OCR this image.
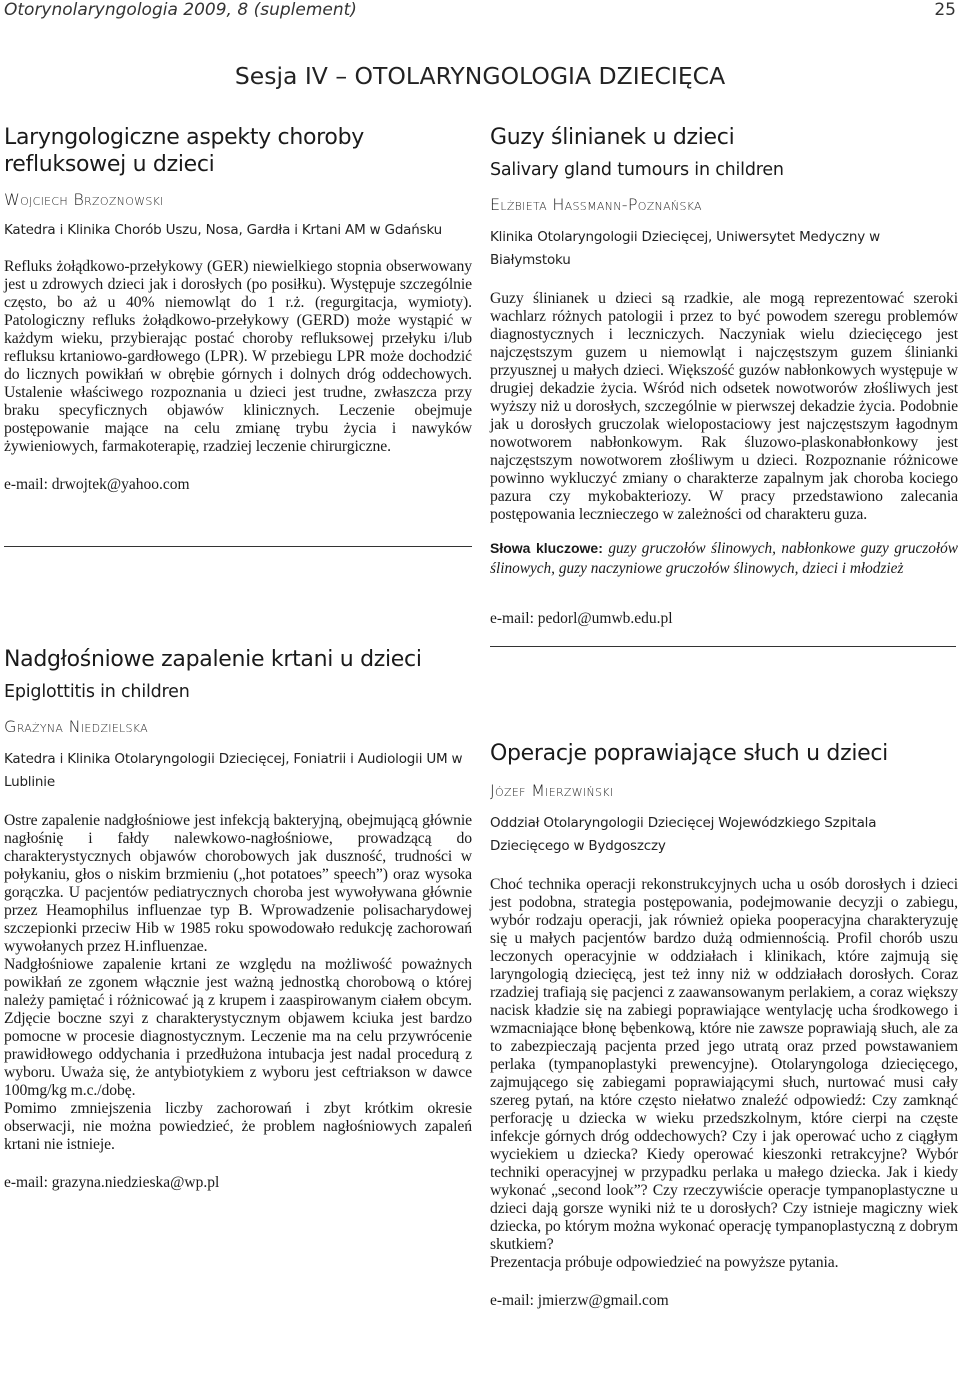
Otorynolaryngologia 2009, 8 (suplement)	25
Sesja IV – OTOLARYNGOLOGIA DZIECIĘCA
Laryngologiczne aspekty choroby refluksowej u dzieci
Wojciech Brzoznowski
Katedra i Klinika Chorób Uszu, Nosa, Gardła i Krtani AM w Gdańsku

Refluks żołądkowo-przełykowy (GER) niewielkiego stopnia obserwowany jest u zdrowych dzieci jak i dorosłych (po posiłku). Występuje szczególnie często, bo aż u 40% niemowląt do 1 r.ż. (regurgitacja, wymioty). Patologiczny refluks żołądkowo-przełykowy (GERD) może wystąpić w każdym wieku, przybierając postać choroby refluksowej przełyku i/lub refluksu krtaniowo-gardłowego (LPR). W przebiegu LPR może dochodzić do licznych powikłań w obrębie górnych i dolnych dróg oddechowych. Ustalenie właściwego rozpoznania u dzieci jest trudne, zwłaszcza przy braku specyficznych objawów klinicznych. Leczenie obejmuje postępowanie mające na celu zmianę trybu życia i nawyków żywieniowych, farmakoterapię, rzadziej leczenie chirurgiczne.

e-mail: drwojtek@yahoo.com
Guzy ślinianek u dzieci
Salivary gland tumours in children
Elżbieta Hassmann-Poznańska
Klinika Otolaryngologii Dziecięcej, Uniwersytet Medyczny w Białymstoku

Guzy ślinianek u dzieci są rzadkie, ale mogą reprezentować szeroki wachlarz różnych patologii i przez to być powodem szeregu problemów diagnostycznych i leczniczych. Naczyniak wielu dziecięcego jest najczęstszym guzem u niemowląt i najczęstszym guzem ślinianki przyusznej u małych dzieci. Większość guzów nabłonkowych występuje w drugiej dekadzie życia. Wśród nich odsetek nowotworów złośliwych jest wyższy niż u dorosłych, szczególnie w pierwszej dekadzie życia. Podobnie jak u dorosłych gruczolak wielopostaciowy jest najczęstszym łagodnym nowotworem nabłonkowym. Rak śluzowo-plaskonabłonkowy jest najczęstszym nowotworem złośliwym u dzieci. Rozpoznanie różnicowe powinno wykluczyć zmiany o charakterze zapalnym jak choroba kociego pazura czy mykobakteriozy. W pracy przedstawiono zalecania postępowania lecznieczego w zależności od charakteru guza.

Słowa kluczowe: guzy gruczołów ślinowych, nabłonkowe guzy gruczołów ślinowych, guzy naczyniowe gruczołów ślinowych, dzieci i młodzież
e-mail: pedorl@umwb.edu.pl
Nadgłośniowe zapalenie krtani u dzieci
Epiglottitis in children
Grażyna Niedzielska
Katedra i Klinika Otolaryngologii Dziecięcej, Foniatrii i Audiologii UM w Lublinie

Ostre zapalenie nadgłośniowe jest infekcją bakteryjną, obejmującą głównie nagłośnię i fałdy nalewkowo-nagłośniowe, prowadzącą do charakterystycznych objawów chorobowych jak duszność, trudności w połykaniu, głos o niskim brzmieniu („hot potatoes” speech”) oraz wysoka gorączka. U pacjentów pediatrycznych choroba jest wywoływana głównie przez Heamophilus influenzae typ B. Wprowadzenie polisacharydowej szczepionki przeciw Hib w 1985 roku spowodowało redukcję zachorowań wywołanych przez H.influenzae.

Nadgłośniowe zapalenie krtani ze względu na możliwość poważnych powikłań ze zgonem włącznie jest ważną jednostką chorobową o której należy pamiętać i różnicować ją z krupem i zaaspirowanym ciałem obcym. Zdjęcie boczne szyi z charakterystycznym objawem kciuka jest bardzo pomocne w procesie diagnostycznym. Leczenie ma na celu przywrócenie prawidłowego oddychania i przedłużona intubacja jest nadal procedurą z wyboru. Uważa się, że antybiotykiem z wyboru jest ceftriakson w dawce 100mg/kg m.c./dobę.

Pomimo zmniejszenia liczby zachorowań i zbyt krótkim okresie obserwacji, nie można powiedzieć, że problem nagłośniowych zapaleń krtani nie istnieje.

e-mail: grazyna.niedzieska@wp.pl
Operacje poprawiające słuch u dzieci
Józef Mierzwiński
Oddział Otolaryngologii Dziecięcej Wojewódzkiego Szpitala Dziecięcego w Bydgoszczy

Choć technika operacji rekonstrukcyjnych ucha u osób dorosłych i dzieci jest podobna, strategia postępowania, podejmowanie decyzji o zabiegu, wybór rodzaju operacji, jak również opieka pooperacyjna charakteryzuję się u małych pacjentów bardzo dużą odmiennością. Profil chorób uszu leczonych operacyjnie w oddziałach i klinikach, które zajmują się laryngologią dziecięcą, jest też inny niż w oddziałach dorosłych. Coraz rzadziej trafiają się pacjenci z zaawansowanym perlakiem, a coraz większy nacisk kładzie się na zabiegi poprawiające wentylację ucha środkowego i wzmacniające błonę bębenkową, które nie zawsze poprawiają słuch, ale za to zabezpieczają pacjenta przed jego utratą oraz przed powstawaniem perlaka (tympanoplastyki prewencyjne). Otolaryngologa dziecięcego, zajmującego się zabiegami poprawiającymi słuch, nurtować musi cały szereg pytań, na które często niełatwo znaleźć odpowiedź: Czy zamknąć perforację u dziecka w wieku przedszkolnym, które cierpi na częste infekcje górnych dróg oddechowych? Czy i jak operować ucho z ciągłym wyciekiem u dziecka? Kiedy operować kieszonki retrakcyjne? Wybór techniki operacyjnej w przypadku perlaka u małego dziecka. Jak i kiedy wykonać „second look”? Czy rzeczywiście operacje tympanoplastyczne u dzieci dają gorsze wyniki niż te u dorosłych? Czy istnieje magiczny wiek dziecka, po którym można wykonać operację tympanoplastyczną z dobrym skutkiem?

Prezentacja próbuje odpowiedzieć na powyższe pytania.

e-mail: jmierzw@gmail.com
